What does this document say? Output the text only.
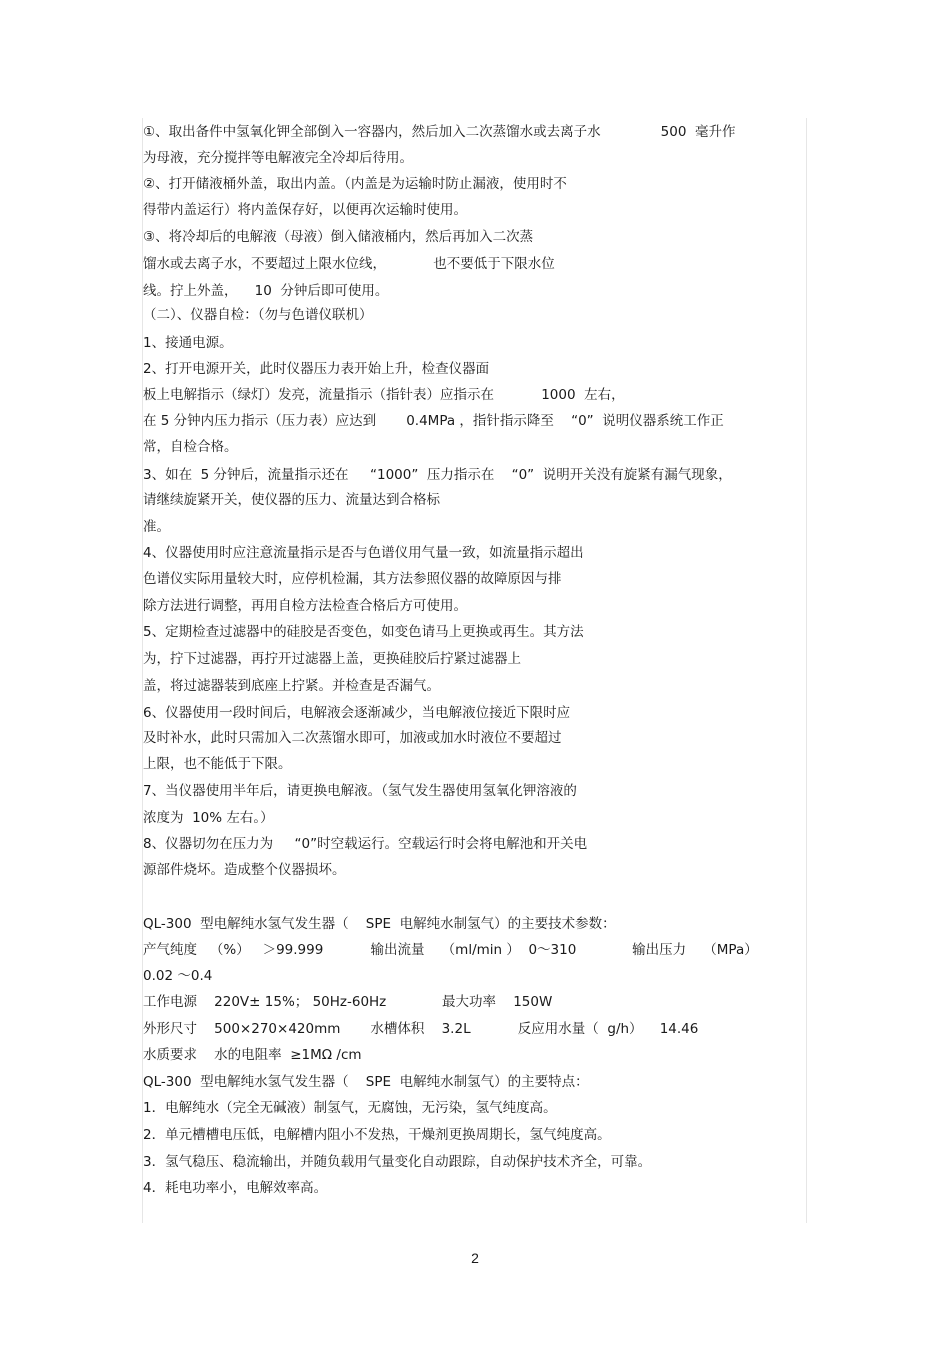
①、取出备件中氢氧化钾全部倒入一容器内，然后加入二次蒸馏水或去离子水              500  毫升作
为母液，充分搅拌等电解液完全冷却后待用。
②、打开储液桶外盖，取出内盖。（内盖是为运输时防止漏液，使用时不
得带内盖运行）将内盖保存好，以便再次运输时使用。
③、将冷却后的电解液（母液）倒入储液桶内，然后再加入二次蒸
馏水或去离子水，不要超过上限水位线，           也不要低于下限水位
线。拧上外盖，    10  分钟后即可使用。
（二）、仪器自检：（勿与色谱仪联机）
1、接通电源。
2、打开电源开关，此时仪器压力表开始上升，检查仪器面
板上电解指示（绿灯）发亮，流量指示（指针表）应指示在           1000  左右，
在 5 分钟内压力指示（压力表）应达到       0.4MPa ，指针指示降至    “0”  说明仪器系统工作正
常，自检合格。
3、如在  5 分钟后，流量指示还在     “1000”  压力指示在    “0”  说明开关没有旋紧有漏气现象，
请继续旋紧开关，使仪器的压力、流量达到合格标
准。
4、仪器使用时应注意流量指示是否与色谱仪用气量一致，如流量指示超出
色谱仪实际用量较大时，应停机检漏，其方法参照仪器的故障原因与排
除方法进行调整，再用自检方法检查合格后方可使用。
5、定期检查过滤器中的硅胶是否变色，如变色请马上更换或再生。其方法
为，拧下过滤器，再拧开过滤器上盖，更换硅胶后拧紧过滤器上
盖，将过滤器装到底座上拧紧。并检查是否漏气。
6、仪器使用一段时间后，电解液会逐渐减少，当电解液位接近下限时应
及时补水，此时只需加入二次蒸馏水即可，加液或加水时液位不要超过
上限，也不能低于下限。
7、当仪器使用半年后，请更换电解液。（氢气发生器使用氢氧化钾溶液的
浓度为  10% 左右。）
8、仪器切勿在压力为     “0”时空载运行。空载运行时会将电解池和开关电
源部件烧坏。造成整个仪器损坏。
QL-300  型电解纯水氢气发生器（    SPE  电解纯水制氢气）的主要技术参数：
产气纯度   （%）   ＞99.999           输出流量    （ml/min ）  0～310             输出压力    （MPa）
0.02 ～0.4
工作电源    220V± 15%； 50Hz-60Hz             最大功率    150W
外形尺寸    500×270×420mm       水槽体积    3.2L           反应用水量（  g/h）    14.46
水质要求    水的电阻率  ≥1MΩ /cm
QL-300  型电解纯水氢气发生器（    SPE  电解纯水制氢气）的主要特点：
1．电解纯水（完全无碱液）制氢气，无腐蚀，无污染，氢气纯度高。
2．单元槽槽电压低，电解槽内阻小不发热，干燥剂更换周期长，氢气纯度高。
3．氢气稳压、稳流输出，并随负载用气量变化自动跟踪，自动保护技术齐全，可靠。
4．耗电功率小，电解效率高。
2
